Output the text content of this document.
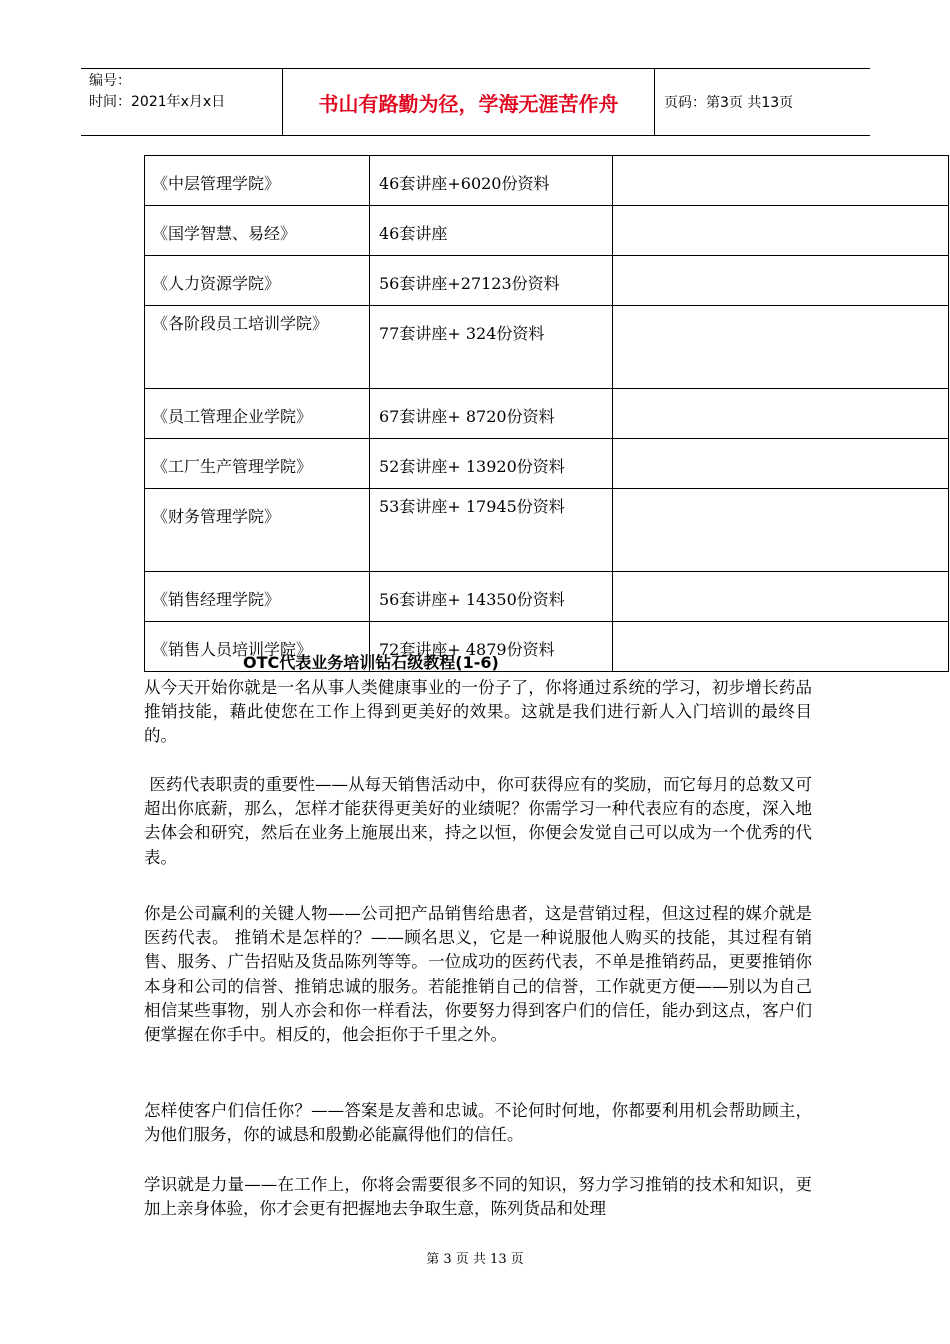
编号：
时间：2021年x月x日	书山有路勤为径，学海无涯苦作舟	页码：第3页 共13页
《中层管理学院》	46套讲座+6020份资料	
《国学智慧、易经》	46套讲座	
《人力资源学院》	56套讲座+27123份资料	

《各阶段员工培训学院》	77套讲座+ 324份资料	
《员工管理企业学院》	67套讲座+ 8720份资料	
《工厂生产管理学院》	52套讲座+ 13920份资料	
《财务管理学院》	53套讲座+ 17945份资料	

《销售经理学院》	56套讲座+ 14350份资料	
《销售人员培训学院》	72套讲座+ 4879份资料	
OTC代表业务培训钻石级教程(1-6)

从今天开始你就是一名从事人类健康事业的一份子了，你将通过系统的学习，初步增长药品推销技能，藉此使您在工作上得到更美好的效果。这就是我们进行新人入门培训的最终目的。

医药代表职责的重要性——从每天销售活动中，你可获得应有的奖励，而它每月的总数又可超出你底薪，那么，怎样才能获得更美好的业绩呢？你需学习一种代表应有的态度，深入地去体会和研究，然后在业务上施展出来，持之以恒，你便会发觉自己可以成为一个优秀的代表。

你是公司赢利的关键人物——公司把产品销售给患者，这是营销过程，但这过程的媒介就是医药代表。 推销术是怎样的？——顾名思义，它是一种说服他人购买的技能，其过程有销售、服务、广告招贴及货品陈列等等。一位成功的医药代表，不单是推销药品，更要推销你本身和公司的信誉、推销忠诚的服务。若能推销自己的信誉，工作就更方便——别以为自己相信某些事物，别人亦会和你一样看法，你要努力得到客户们的信任，能办到这点，客户们便掌握在你手中。相反的，他会拒你于千里之外。

怎样使客户们信任你？——答案是友善和忠诚。不论何时何地，你都要利用机会帮助顾主，为他们服务，你的诚恳和殷勤必能赢得他们的信任。

学识就是力量——在工作上，你将会需要很多不同的知识，努力学习推销的技术和知识，更加上亲身体验，你才会更有把握地去争取生意，陈列货品和处理

第 3 页 共 13 页
